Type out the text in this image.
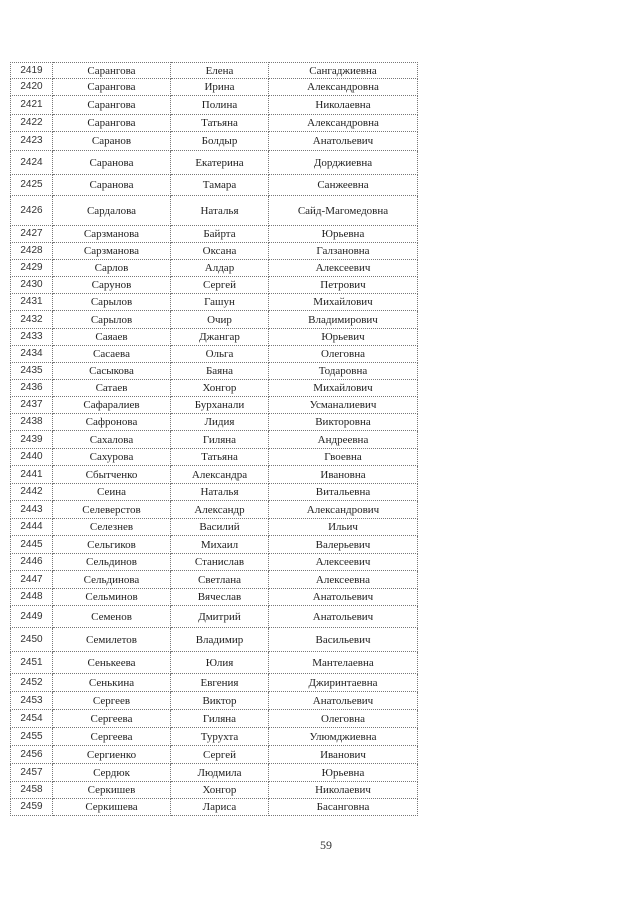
2419	Сарангова	Елена	Сангаджиевна
2420	Сарангова	Ирина	Александровна
2421	Сарангова	Полина	Николаевна
2422	Сарангова	Татьяна	Александровна
2423	Саранов	Болдыр	Анатольевич
2424	Саранова	Екатерина	Дорджиевна
2425	Саранова	Тамара	Санжеевна
2426	Сардалова	Наталья	Сайд-Магомедовна
2427	Сарзманова	Байрта	Юрьевна
2428	Сарзманова	Оксана	Галзановна
2429	Сарлов	Алдар	Алексеевич
2430	Сарунов	Сергей	Петрович
2431	Сарылов	Гашун	Михайлович
2432	Сарылов	Очир	Владимирович
2433	Саяаев	Джангар	Юрьевич
2434	Сасаева	Ольга	Олеговна
2435	Сасыкова	Баяна	Тодаровна
2436	Сатаев	Хонгор	Михайлович
2437	Сафаралиев	Бурханали	Усманалиевич
2438	Сафронова	Лидия	Викторовна
2439	Сахалова	Гиляна	Андреевна
2440	Сахурова	Татьяна	Гвоевна
2441	Сбытченко	Александра	Ивановна
2442	Сеина	Наталья	Витальевна
2443	Селеверстов	Александр	Александрович
2444	Селезнев	Василий	Ильич
2445	Сельгиков	Михаил	Валерьевич
2446	Сельдинов	Станислав	Алексеевич
2447	Сельдинова	Светлана	Алексеевна
2448	Сельминов	Вячеслав	Анатольевич
2449	Семенов	Дмитрий	Анатольевич
2450	Семилетов	Владимир	Васильевич
2451	Сенькеева	Юлия	Мантелаевна
2452	Сенькина	Евгения	Джиринтаевна
2453	Сергеев	Виктор	Анатольевич
2454	Сергеева	Гиляна	Олеговна
2455	Сергеева	Турухта	Улюмджиевна
2456	Сергиенко	Сергей	Иванович
2457	Сердюк	Людмила	Юрьевна
2458	Серкишев	Хонгор	Николаевич
2459	Серкишева	Лариса	Басанговна
59
